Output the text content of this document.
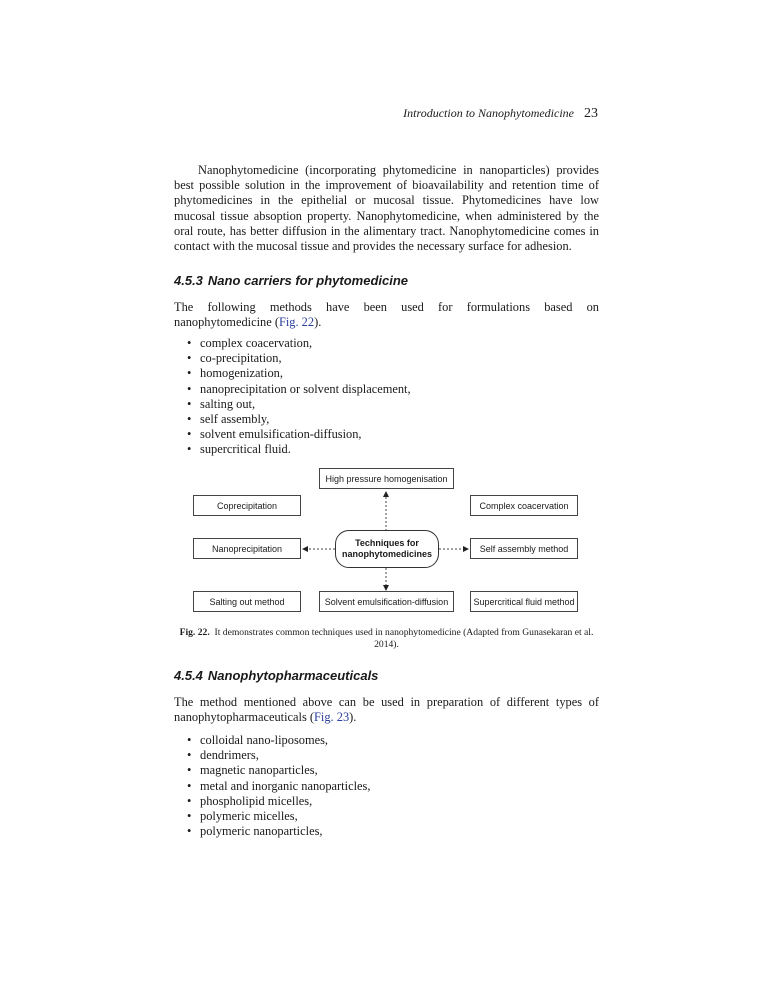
Introduction to Nanophytomedicine 23

Nanophytomedicine (incorporating phytomedicine in nanoparticles) provides best possible solution in the improvement of bioavailability and retention time of phytomedicines in the epithelial or mucosal tissue. Phytomedicines have low mucosal tissue absoption property. Nanophytomedicine, when administered by the oral route, has better diffusion in the alimentary tract. Nanophytomedicine comes in contact with the mucosal tissue and provides the necessary surface for adhesion.

4.5.3 Nano carriers for phytomedicine

The following methods have been used for formulations based on nanophytomedicine (Fig. 22).

• complex coacervation,
• co-precipitation,
• homogenization,
• nanoprecipitation or solvent displacement,
• salting out,
• self assembly,
• solvent emulsification-diffusion,
• supercritical fluid.
High pressure homogenisation
Coprecipitation	Complex coacervation
Nanoprecipitation	Self assembly method
Techniques for
nanophytomedicines
Salting out method	Solvent emulsification-diffusion	Supercritical fluid method

Fig. 22. It demonstrates common techniques used in nanophytomedicine (Adapted from Gunasekaran et al. 2014).

4.5.4 Nanophytopharmaceuticals

The method mentioned above can be used in preparation of different types of nanophytopharmaceuticals (Fig. 23).

• colloidal nano-liposomes,
• dendrimers,
• magnetic nanoparticles,
• metal and inorganic nanoparticles,
• phospholipid micelles,
• polymeric micelles,
• polymeric nanoparticles,
